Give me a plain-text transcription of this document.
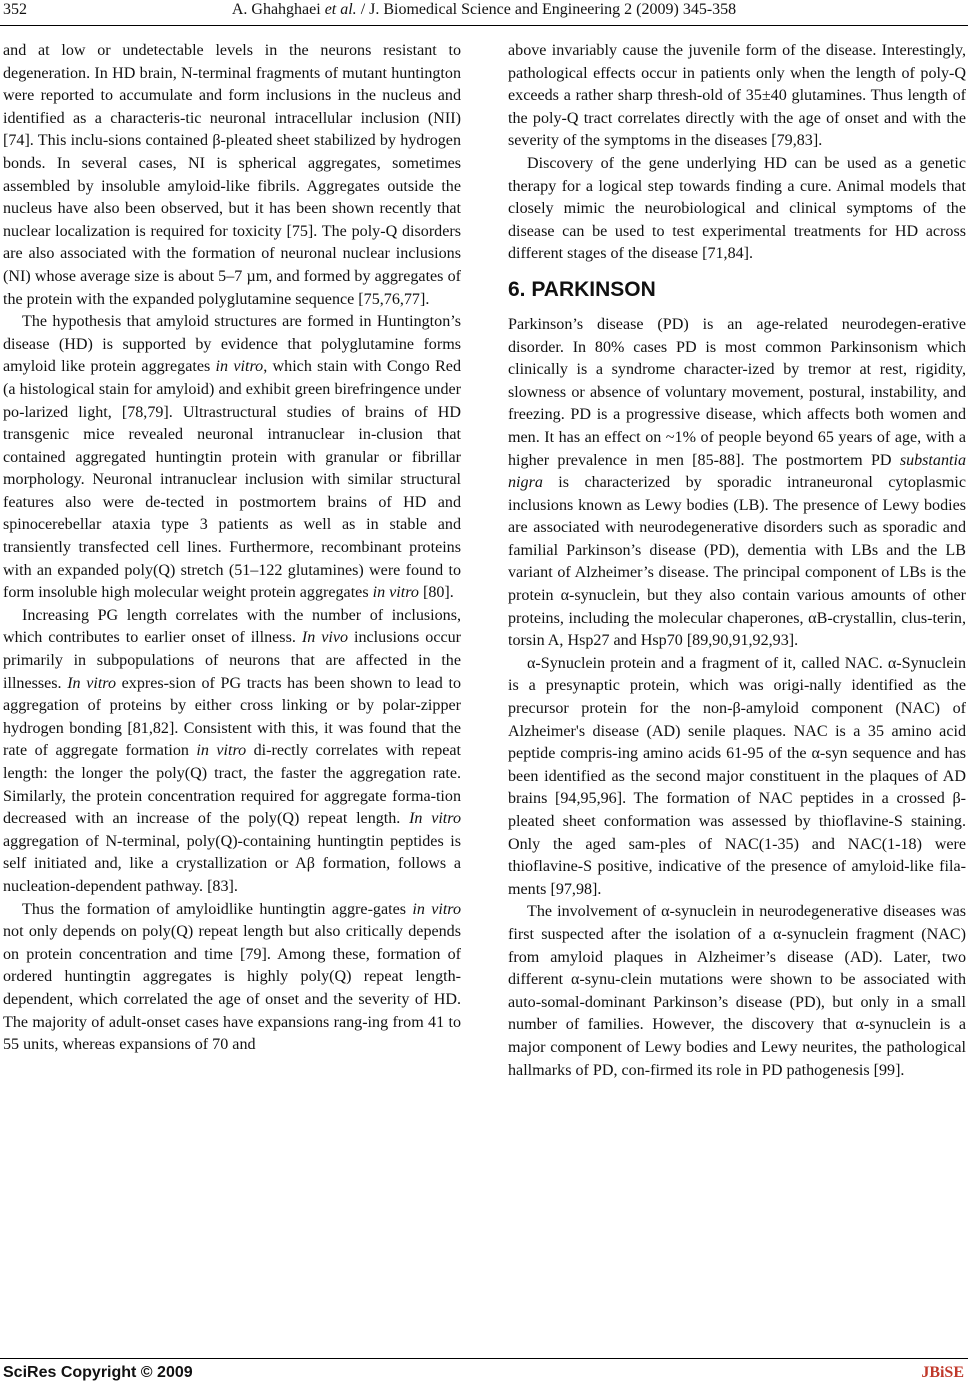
352	A. Ghahghaei et al. / J. Biomedical Science and Engineering 2 (2009) 345-358

and at low or undetectable levels in the neurons resistant to degeneration. In HD brain, N-terminal fragments of mutant huntington were reported to accumulate and form inclusions in the nucleus and identified as a characteris-tic neuronal intracellular inclusion (NII) [74]. This inclu-sions contained β-pleated sheet stabilized by hydrogen bonds. In several cases, NI is spherical aggregates, sometimes assembled by insoluble amyloid-like fibrils. Aggregates outside the nucleus have also been observed, but it has been shown recently that nuclear localization is required for toxicity [75]. The poly-Q disorders are also associated with the formation of neuronal nuclear inclusions (NI) whose average size is about 5–7 µm, and formed by aggregates of the protein with the expanded polyglutamine sequence [75,76,77].

The hypothesis that amyloid structures are formed in Huntington’s disease (HD) is supported by evidence that polyglutamine forms amyloid like protein aggregates in vitro, which stain with Congo Red (a histological stain for amyloid) and exhibit green birefringence under po-larized light, [78,79]. Ultrastructural studies of brains of HD transgenic mice revealed neuronal intranuclear in-clusion that contained aggregated huntingtin protein with granular or fibrillar morphology. Neuronal intranuclear inclusion with similar structural features also were de-tected in postmortem brains of HD and spinocerebellar ataxia type 3 patients as well as in stable and transiently transfected cell lines. Furthermore, recombinant proteins with an expanded poly(Q) stretch (51–122 glutamines) were found to form insoluble high molecular weight protein aggregates in vitro [80].

Increasing PG length correlates with the number of inclusions, which contributes to earlier onset of illness. In vivo inclusions occur primarily in subpopulations of neurons that are affected in the illnesses. In vitro expres-sion of PG tracts has been shown to lead to aggregation of proteins by either cross linking or by polar-zipper hydrogen bonding [81,82]. Consistent with this, it was found that the rate of aggregate formation in vitro di-rectly correlates with repeat length: the longer the poly(Q) tract, the faster the aggregation rate. Similarly, the protein concentration required for aggregate forma-tion decreased with an increase of the poly(Q) repeat length. In vitro aggregation of N-terminal, poly(Q)-containing huntingtin peptides is self initiated and, like a crystallization or Aβ formation, follows a nucleation-dependent pathway. [83].

Thus the formation of amyloidlike huntingtin aggre-gates in vitro not only depends on poly(Q) repeat length but also critically depends on protein concentration and time [79]. Among these, formation of ordered huntingtin aggregates is highly poly(Q) repeat length-dependent, which correlated the age of onset and the severity of HD. The majority of adult-onset cases have expansions rang-ing from 41 to 55 units, whereas expansions of 70 and

above invariably cause the juvenile form of the disease. Interestingly, pathological effects occur in patients only when the length of poly-Q exceeds a rather sharp thresh-old of 35±40 glutamines. Thus length of the poly-Q tract correlates directly with the age of onset and with the severity of the symptoms in the diseases [79,83].

Discovery of the gene underlying HD can be used as a genetic therapy for a logical step towards finding a cure. Animal models that closely mimic the neurobiological and clinical symptoms of the disease can be used to test experimental treatments for HD across different stages of the disease [71,84].

6. PARKINSON

Parkinson’s disease (PD) is an age-related neurodegen-erative disorder. In 80% cases PD is most common Parkinsonism which clinically is a syndrome character-ized by tremor at rest, rigidity, slowness or absence of voluntary movement, postural, instability, and freezing. PD is a progressive disease, which affects both women and men. It has an effect on ~1% of people beyond 65 years of age, with a higher prevalence in men [85-88]. The postmortem PD substantia nigra is characterized by sporadic intraneuronal cytoplasmic inclusions known as Lewy bodies (LB). The presence of Lewy bodies are associated with neurodegenerative disorders such as sporadic and familial Parkinson’s disease (PD), dementia with LBs and the LB variant of Alzheimer’s disease. The principal component of LBs is the protein α-synuclein, but they also contain various amounts of other proteins, including the molecular chaperones, αB-crystallin, clus-terin, torsin A, Hsp27 and Hsp70 [89,90,91,92,93].

α-Synuclein protein and a fragment of it, called NAC. α-Synuclein is a presynaptic protein, which was origi-nally identified as the precursor protein for the non-β-amyloid component (NAC) of Alzheimer's disease (AD) senile plaques. NAC is a 35 amino acid peptide compris-ing amino acids 61-95 of the α-syn sequence and has been identified as the second major constituent in the plaques of AD brains [94,95,96]. The formation of NAC peptides in a crossed β-pleated sheet conformation was assessed by thioflavine-S staining. Only the aged sam-ples of NAC(1-35) and NAC(1-18) were thioflavine-S positive, indicative of the presence of amyloid-like fila-ments [97,98].

The involvement of α-synuclein in neurodegenerative diseases was first suspected after the isolation of a α-synuclein fragment (NAC) from amyloid plaques in Alzheimer’s disease (AD). Later, two different α-synu-clein mutations were shown to be associated with auto-somal-dominant Parkinson’s disease (PD), but only in a small number of families. However, the discovery that α-synuclein is a major component of Lewy bodies and Lewy neurites, the pathological hallmarks of PD, con-firmed its role in PD pathogenesis [99].

SciRes Copyright © 2009	JBiSE
